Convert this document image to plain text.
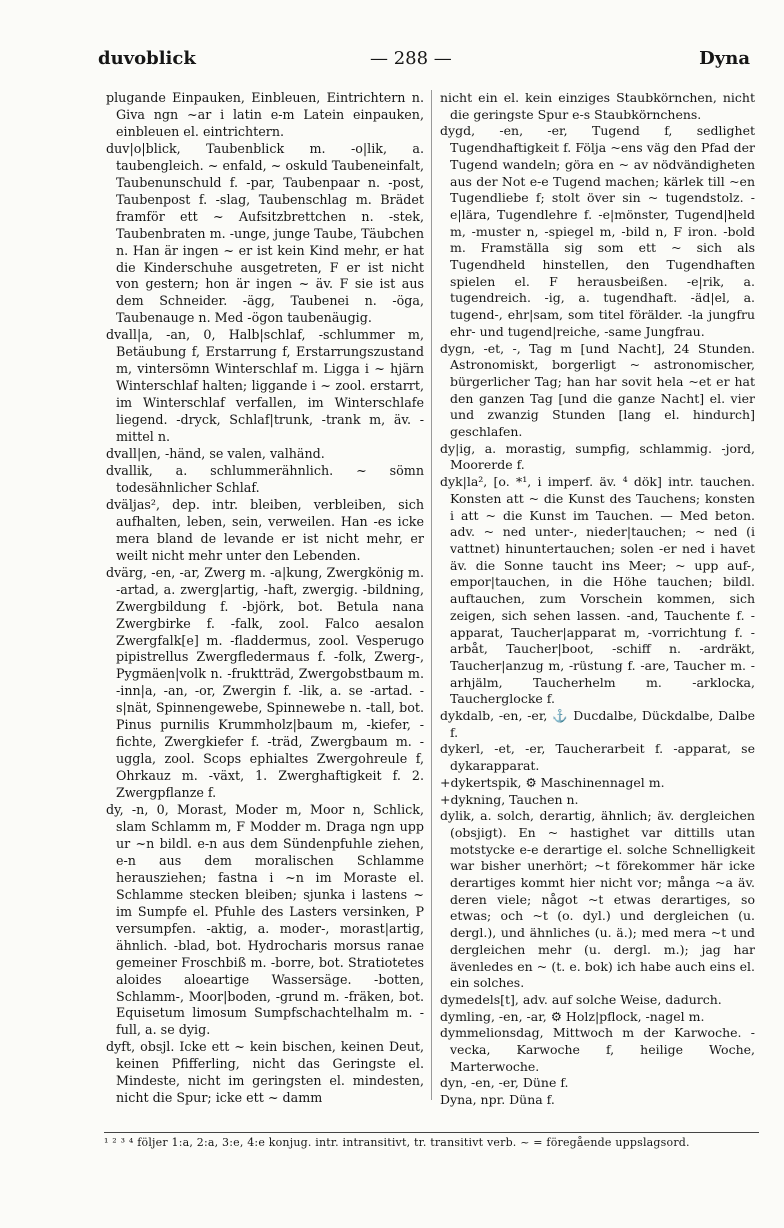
duvoblick	— 288 —	Dyna
plugande Einpauken, Einbleuen, Eintrichtern n. Giva ngn ~ar i latin e-m Latein einpauken, einbleuen el. eintrichtern.
duv|o|blick, Taubenblick m. -o|lik, a. taubengleich. ~ enfald, ~ oskuld Taubeneinfalt, Taubenunschuld f. -par, Taubenpaar n. -post, Taubenpost f. -slag, Taubenschlag m. Brädet framför ett ~ Aufsitzbrettchen n. -stek, Taubenbraten m. -unge, junge Taube, Täubchen n. Han är ingen ~ er ist kein Kind mehr, er hat die Kinderschuhe ausgetreten, F er ist nicht von gestern; hon är ingen ~ äv. F sie ist aus dem Schneider. -ägg, Taubenei n. -öga, Taubenauge n. Med -ögon taubenäugig.
dvall|a, -an, 0, Halb|schlaf, -schlummer m, Betäubung f, Erstarrung f, Erstarrungszustand m, vintersömn Winterschlaf m. Ligga i ~ hjärn Winterschlaf halten; liggande i ~ zool. erstarrt, im Winterschlaf verfallen, im Winterschlafe liegend. -dryck, Schlaf|trunk, -trank m, äv. -mittel n.
dvall|en, -händ, se valen, valhänd.
dvallik, a. schlummerähnlich. ~ sömn todesähnlicher Schlaf.
dväljas², dep. intr. bleiben, verbleiben, sich aufhalten, leben, sein, verweilen. Han -es icke mera bland de levande er ist nicht mehr, er weilt nicht mehr unter den Lebenden.
dvärg, -en, -ar, Zwerg m. -a|kung, Zwergkönig m. -artad, a. zwerg|artig, -haft, zwergig. -bildning, Zwergbildung f. -björk, bot. Betula nana Zwergbirke f. -falk, zool. Falco aesalon Zwergfalk[e] m. -fladdermus, zool. Vesperugo pipistrellus Zwergfledermaus f. -folk, Zwerg-, Pygmäen|volk n. -fruktträd, Zwergobstbaum m. -inn|a, -an, -or, Zwergin f. -lik, a. se -artad. -s|nät, Spinnengewebe, Spinnewebe n. -tall, bot. Pinus purnilis Krummholz|baum m, -kiefer, -fichte, Zwergkiefer f. -träd, Zwergbaum m. -uggla, zool. Scops ephialtes Zwergohreule f, Ohrkauz m. -växt, 1. Zwerghaftigkeit f. 2. Zwergpflanze f.
dy, -n, 0, Morast, Moder m, Moor n, Schlick, slam Schlamm m, F Modder m. Draga ngn upp ur ~n bildl. e-n aus dem Sündenpfuhle ziehen, e-n aus dem moralischen Schlamme herausziehen; fastna i ~n im Moraste el. Schlamme stecken bleiben; sjunka i lastens ~ im Sumpfe el. Pfuhle des Lasters versinken, P versumpfen. -aktig, a. moder-, morast|artig, ähnlich. -blad, bot. Hydrocharis morsus ranae gemeiner Froschbiß m. -borre, bot. Stratiotetes aloides aloeartige Wassersäge. -botten, Schlamm-, Moor|boden, -grund m. -fräken, bot. Equisetum limosum Sumpfschachtelhalm m. -full, a. se dyig.
dyft, obsjl. Icke ett ~ kein bischen, keinen Deut, keinen Pfifferling, nicht das Geringste el. Mindeste, nicht im geringsten el. mindesten, nicht die Spur; icke ett ~ damm
nicht ein el. kein einziges Staubkörnchen, nicht die geringste Spur e-s Staubkörnchens.
dygd, -en, -er, Tugend f, sedlighet Tugendhaftigkeit f. Följa ~ens väg den Pfad der Tugend wandeln; göra en ~ av nödvändigheten aus der Not e-e Tugend machen; kärlek till ~en Tugendliebe f; stolt över sin ~ tugendstolz. -e|lära, Tugendlehre f. -e|mönster, Tugend|held m, -muster n, -spiegel m, -bild n, F iron. -bold m. Framställa sig som ett ~ sich als Tugendheld hinstellen, den Tugendhaften spielen el. F herausbeißen. -e|rik, a. tugendreich. -ig, a. tugendhaft. -äd|el, a. tugend-, ehr|sam, som titel förälder. -la jungfru ehr- und tugend|reiche, -same Jungfrau.
dygn, -et, -, Tag m [und Nacht], 24 Stunden. Astronomiskt, borgerligt ~ astronomischer, bürgerlicher Tag; han har sovit hela ~et er hat den ganzen Tag [und die ganze Nacht] el. vier und zwanzig Stunden [lang el. hindurch] geschlafen.
dy|ig, a. morastig, sumpfig, schlammig. -jord, Moorerde f.
dyk|la², [o. *¹, i imperf. äv. ⁴ dök] intr. tauchen. Konsten att ~ die Kunst des Tauchens; konsten i att ~ die Kunst im Tauchen. — Med beton. adv. ~ ned unter-, nieder|tauchen; ~ ned (i vattnet) hinuntertauchen; solen -er ned i havet äv. die Sonne taucht ins Meer; ~ upp auf-, empor|tauchen, in die Höhe tauchen; bildl. auftauchen, zum Vorschein kommen, sich zeigen, sich sehen lassen. -and, Tauchente f. -apparat, Taucher|apparat m, -vorrichtung f. -arbåt, Taucher|boot, -schiff n. -ardräkt, Taucher|anzug m, -rüstung f. -are, Taucher m. -arhjälm, Taucherhelm m. -arklocka, Taucherglocke f.
dykdalb, -en, -er, ⚓ Ducdalbe, Dückdalbe, Dalbe f.
dykerl, -et, -er, Taucherarbeit f. -apparat, se dykarapparat.
+dykertspik, ⚙ Maschinennagel m.
+dykning, Tauchen n.
dylik, a. solch, derartig, ähnlich; äv. dergleichen (obsjigt). En ~ hastighet var dittills utan motstycke e-e derartige el. solche Schnelligkeit war bisher unerhört; ~t förekommer här icke derartiges kommt hier nicht vor; många ~a äv. deren viele; något ~t etwas derartiges, so etwas; och ~t (o. dyl.) und dergleichen (u. dergl.), und ähnliches (u. ä.); med mera ~t und dergleichen mehr (u. dergl. m.); jag har ävenledes en ~ (t. e. bok) ich habe auch eins el. ein solches.
dymedels[t], adv. auf solche Weise, dadurch.
dymling, -en, -ar, ⚙ Holz|pflock, -nagel m.
dymmelionsdag, Mittwoch m der Karwoche. -vecka, Karwoche f, heilige Woche, Marterwoche.
dyn, -en, -er, Düne f.
Dyna, npr. Düna f.
¹ ² ³ ⁴ följer 1:a, 2:a, 3:e, 4:e konjug. intr. intransitivt, tr. transitivt verb. ~ = föregående uppslagsord.
